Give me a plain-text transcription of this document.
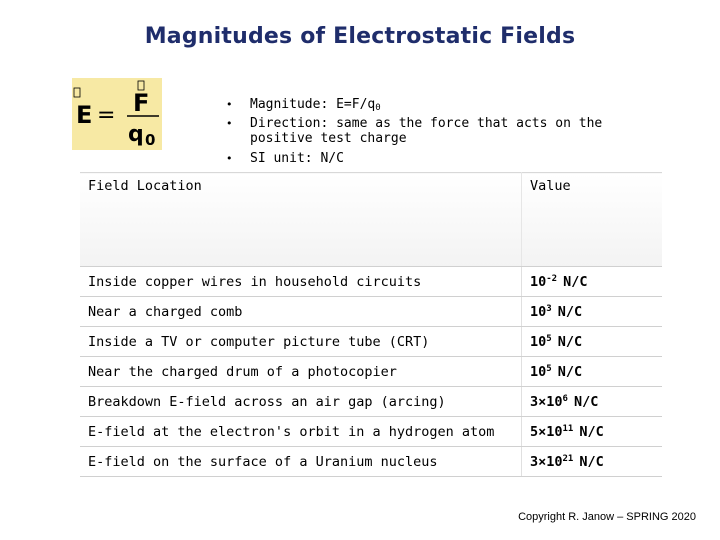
Magnitudes of Electrostatic Fields
E = F
q 0
•	Magnitude: $E=F/q_0$
•	Direction: same as the force that acts on the positive test charge
•	SI unit: N/C
Field Location	Value
Inside copper wires in household circuits	$10^{-2}$ N/C
Near a charged comb	$10^3$ N/C
Inside a TV or computer picture tube (CRT)	$10^5$ N/C
Near the charged drum of a photocopier	$10^5$ N/C
Breakdown E-field across an air gap (arcing)	$3\times 10^6$ N/C
E-field at the electron's orbit in a hydrogen atom	$5\times 10^{11}$ N/C
E-field on the surface of a Uranium nucleus	$3\times 10^{21}$ N/C
Copyright R. Janow – SPRING 2020
